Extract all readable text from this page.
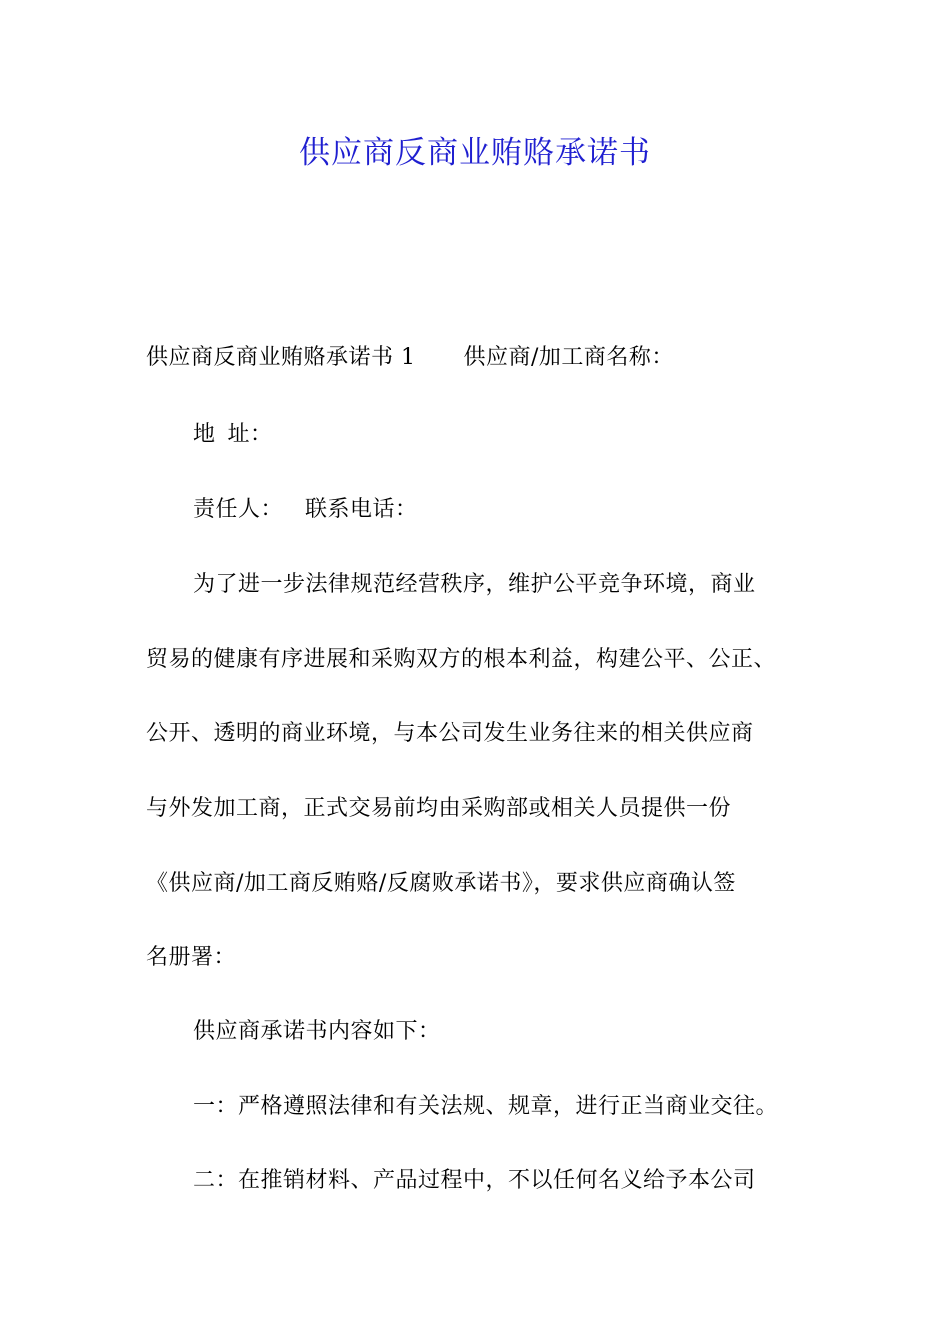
供应商反商业贿赂承诺书
供应商反商业贿赂承诺书 1 供应商/加工商名称：
地 址：
责任人： 联系电话：
为了进一步法律规范经营秩序，维护公平竞争环境，商业
贸易的健康有序进展和采购双方的根本利益，构建公平、公正、
公开、透明的商业环境，与本公司发生业务往来的相关供应商
与外发加工商，正式交易前均由采购部或相关人员提供一份
《供应商/加工商反贿赂/反腐败承诺书》，要求供应商确认签
名册署：
供应商承诺书内容如下：
一：严格遵照法律和有关法规、规章，进行正当商业交往。
二：在推销材料、产品过程中，不以任何名义给予本公司
